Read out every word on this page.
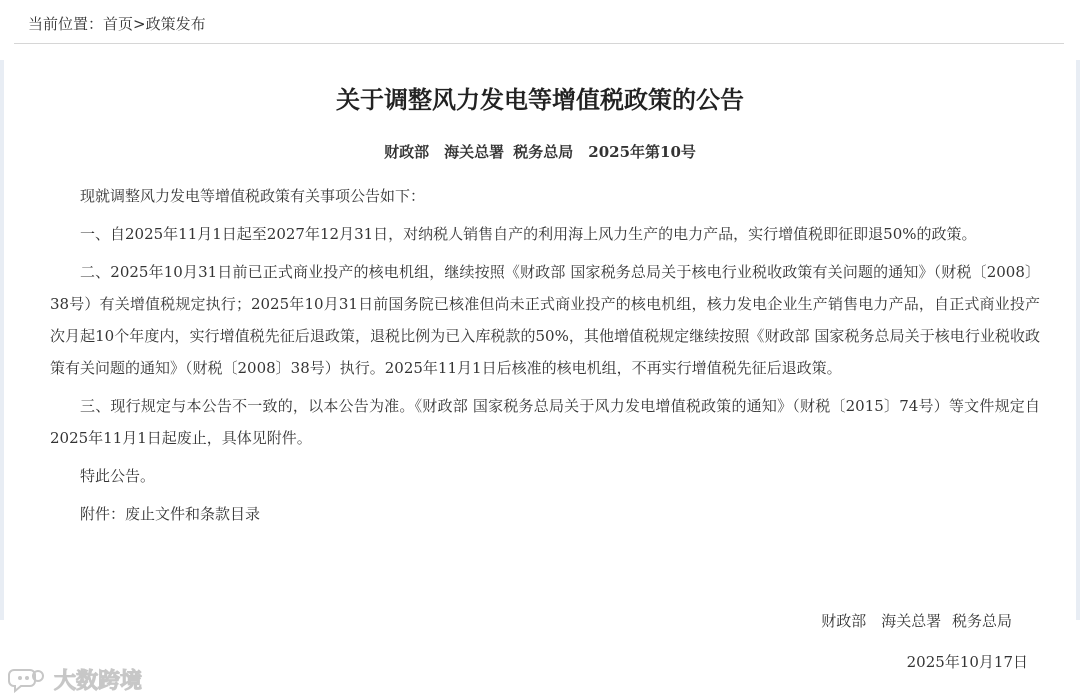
当前位置：首页>政策发布
关于调整风力发电等增值税政策的公告
财政部　海关总署 税务总局　2025年第10号

现就调整风力发电等增值税政策有关事项公告如下：

一、自2025年11月1日起至2027年12月31日，对纳税人销售自产的利用海上风力生产的电力产品，实行增值税即征即退50%的政策。

二、2025年10月31日前已正式商业投产的核电机组，继续按照《财政部 国家税务总局关于核电行业税收政策有关问题的通知》（财税〔2008〕38号）有关增值税规定执行；2025年10月31日前国务院已核准但尚未正式商业投产的核电机组，核力发电企业生产销售电力产品，自正式商业投产次月起10个年度内，实行增值税先征后退政策，退税比例为已入库税款的50%，其他增值税规定继续按照《财政部 国家税务总局关于核电行业税收政策有关问题的通知》（财税〔2008〕38号）执行。2025年11月1日后核准的核电机组，不再实行增值税先征后退政策。

三、现行规定与本公告不一致的，以本公告为准。《财政部 国家税务总局关于风力发电增值税政策的通知》（财税〔2015〕74号）等文件规定自2025年11月1日起废止，具体见附件。

特此公告。

附件：废止文件和条款目录

财政部　海关总署 税务总局
2025年10月17日
大数跨境
